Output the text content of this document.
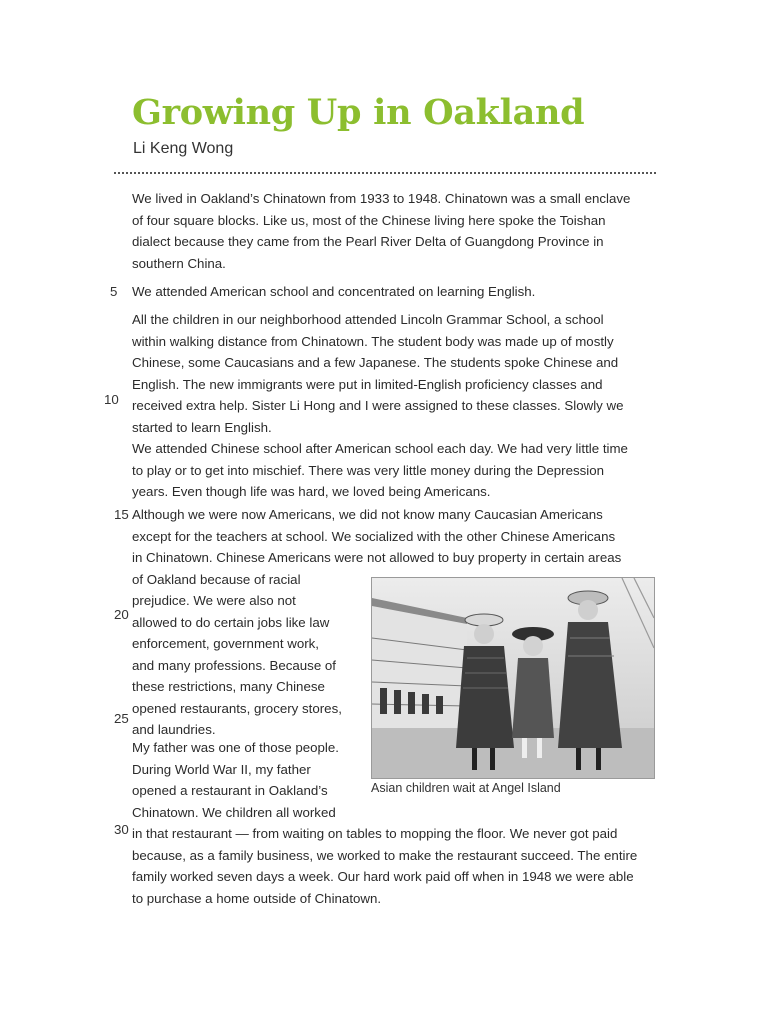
Growing Up in Oakland
Li Keng Wong
We lived in Oakland’s Chinatown from 1933 to 1948. Chinatown was a small enclave
of four square blocks. Like us, most of the Chinese living here spoke the Toishan
dialect because they came from the Pearl River Delta of Guangdong Province in
southern China.
We attended American school and concentrated on learning English.
All the children in our neighborhood attended Lincoln Grammar School, a school
within walking distance from Chinatown. The student body was made up of mostly
Chinese, some Caucasians and a few Japanese. The students spoke Chinese and
English. The new immigrants were put in limited-English proficiency classes and
received extra help. Sister Li Hong and I were assigned to these classes. Slowly we
started to learn English.
We attended Chinese school after American school each day. We had very little time
to play or to get into mischief. There was very little money during the Depression
years. Even though life was hard, we loved being Americans.
Although we were now Americans, we did not know many Caucasian Americans
except for the teachers at school. We socialized with the other Chinese Americans
in Chinatown. Chinese Americans were not allowed to buy property in certain areas
of Oakland because of racial
prejudice. We were also not
allowed to do certain jobs like law
enforcement, government work,
and many professions. Because of
these restrictions, many Chinese
opened restaurants, grocery stores,
and laundries.
My father was one of those people.
During World War II, my father
opened a restaurant in Oakland’s
Chinatown. We children all worked
in that restaurant — from waiting on tables to mopping the floor. We never got paid
because, as a family business, we worked to make the restaurant succeed. The entire
family worked seven days a week. Our hard work paid off when in 1948 we were able
to purchase a home outside of Chinatown.
5
10
15
20
25
30
Asian children wait at Angel Island
